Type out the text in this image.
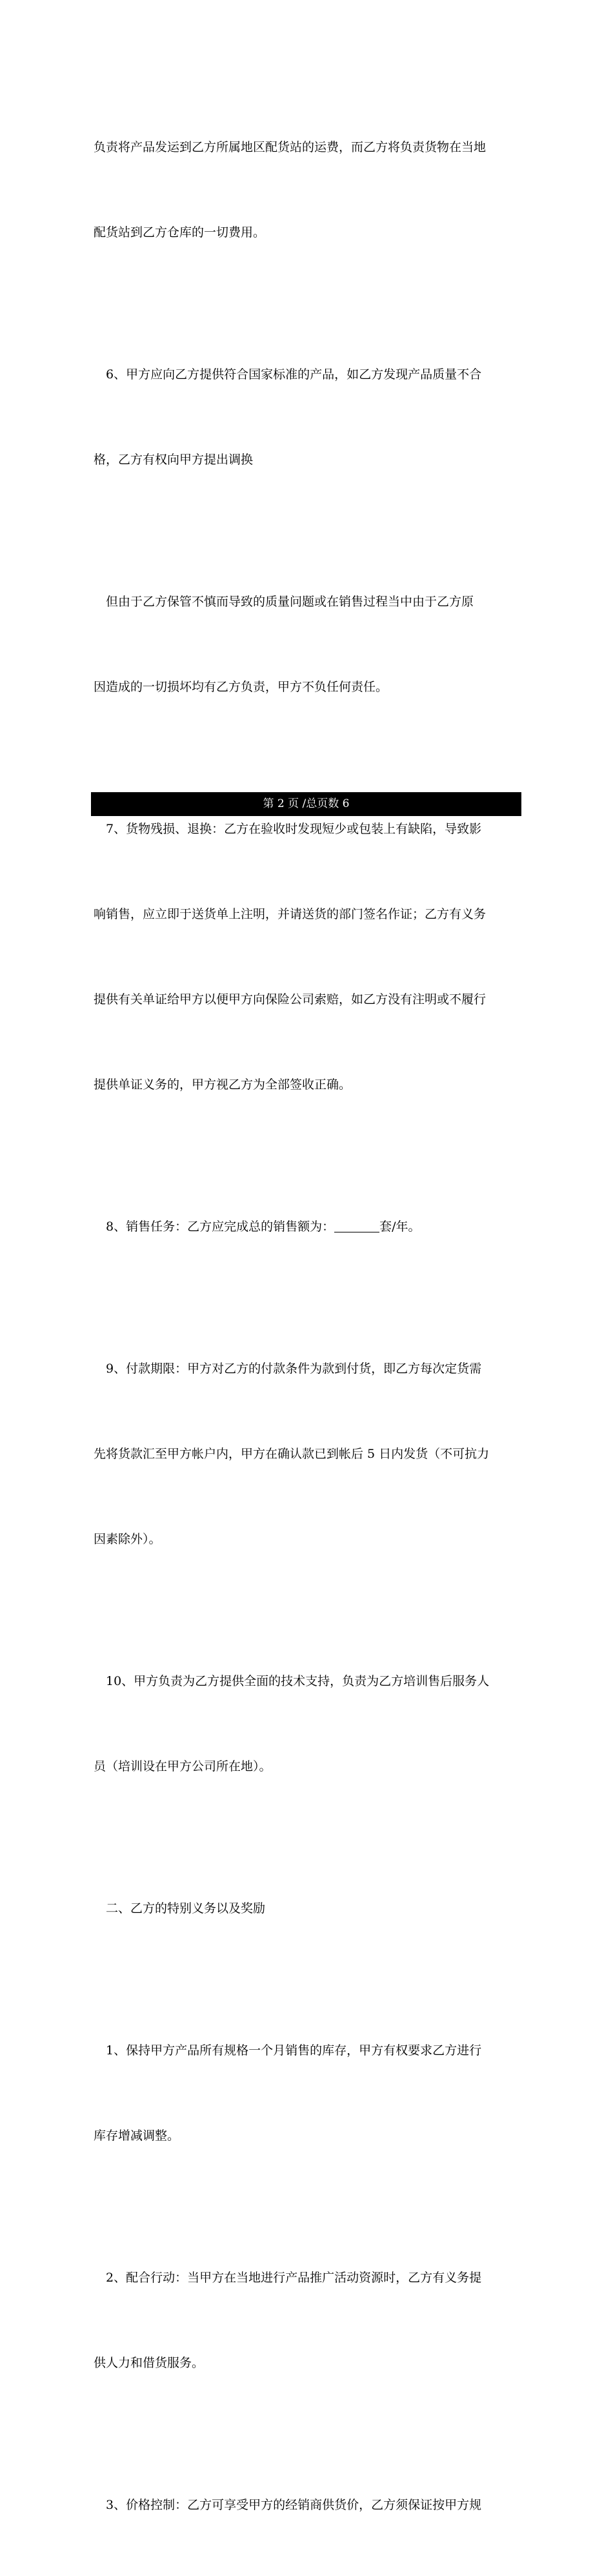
负责将产品发运到乙方所属地区配货站的运费，而乙方将负责货物在当地

配货站到乙方仓库的一切费用。

6、甲方应向乙方提供符合国家标准的产品，如乙方发现产品质量不合

格，乙方有权向甲方提出调换

但由于乙方保管不慎而导致的质量问题或在销售过程当中由于乙方原

因造成的一切损坏均有乙方负责，甲方不负任何责任。

7、货物残损、退换：乙方在验收时发现短少或包装上有缺陷，导致影

响销售，应立即于送货单上注明，并请送货的部门签名作证；乙方有义务

提供有关单证给甲方以便甲方向保险公司索赔，如乙方没有注明或不履行

提供单证义务的，甲方视乙方为全部签收正确。

8、销售任务：乙方应完成总的销售额为：	套/年。

9、付款期限：甲方对乙方的付款条件为款到付货，即乙方每次定货需

先将货款汇至甲方帐户内，甲方在确认款已到帐后 5 日内发货（不可抗力

因素除外）。

10、甲方负责为乙方提供全面的技术支持，负责为乙方培训售后服务人

员（培训设在甲方公司所在地）。

二、乙方的特别义务以及奖励

1、保持甲方产品所有规格一个月销售的库存，甲方有权要求乙方进行

库存增减调整。

2、配合行动：当甲方在当地进行产品推广活动资源时，乙方有义务提

供人力和借货服务。

3、价格控制：乙方可享受甲方的经销商供货价，乙方须保证按甲方规

第 2 页 /总页数 6
